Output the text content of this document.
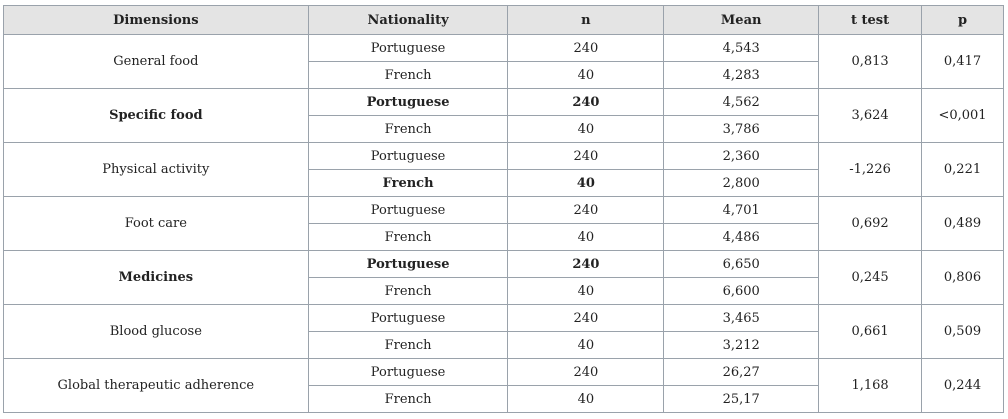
Dimensions	Nationality	n	Mean	t test	p
General food	Portuguese	240	4,543	0,813	0,417
	French	40	4,283		
Specific food	Portuguese	240	4,562	3,624	<0,001
	French	40	3,786		
Physical activity	Portuguese	240	2,360	-1,226	0,221
	French	40	2,800		
Foot care	Portuguese	240	4,701	0,692	0,489
	French	40	4,486		
Medicines	Portuguese	240	6,650	0,245	0,806
	French	40	6,600		
Blood glucose	Portuguese	240	3,465	0,661	0,509
	French	40	3,212		
Global therapeutic adherence	Portuguese	240	26,27	1,168	0,244
	French	40	25,17		
